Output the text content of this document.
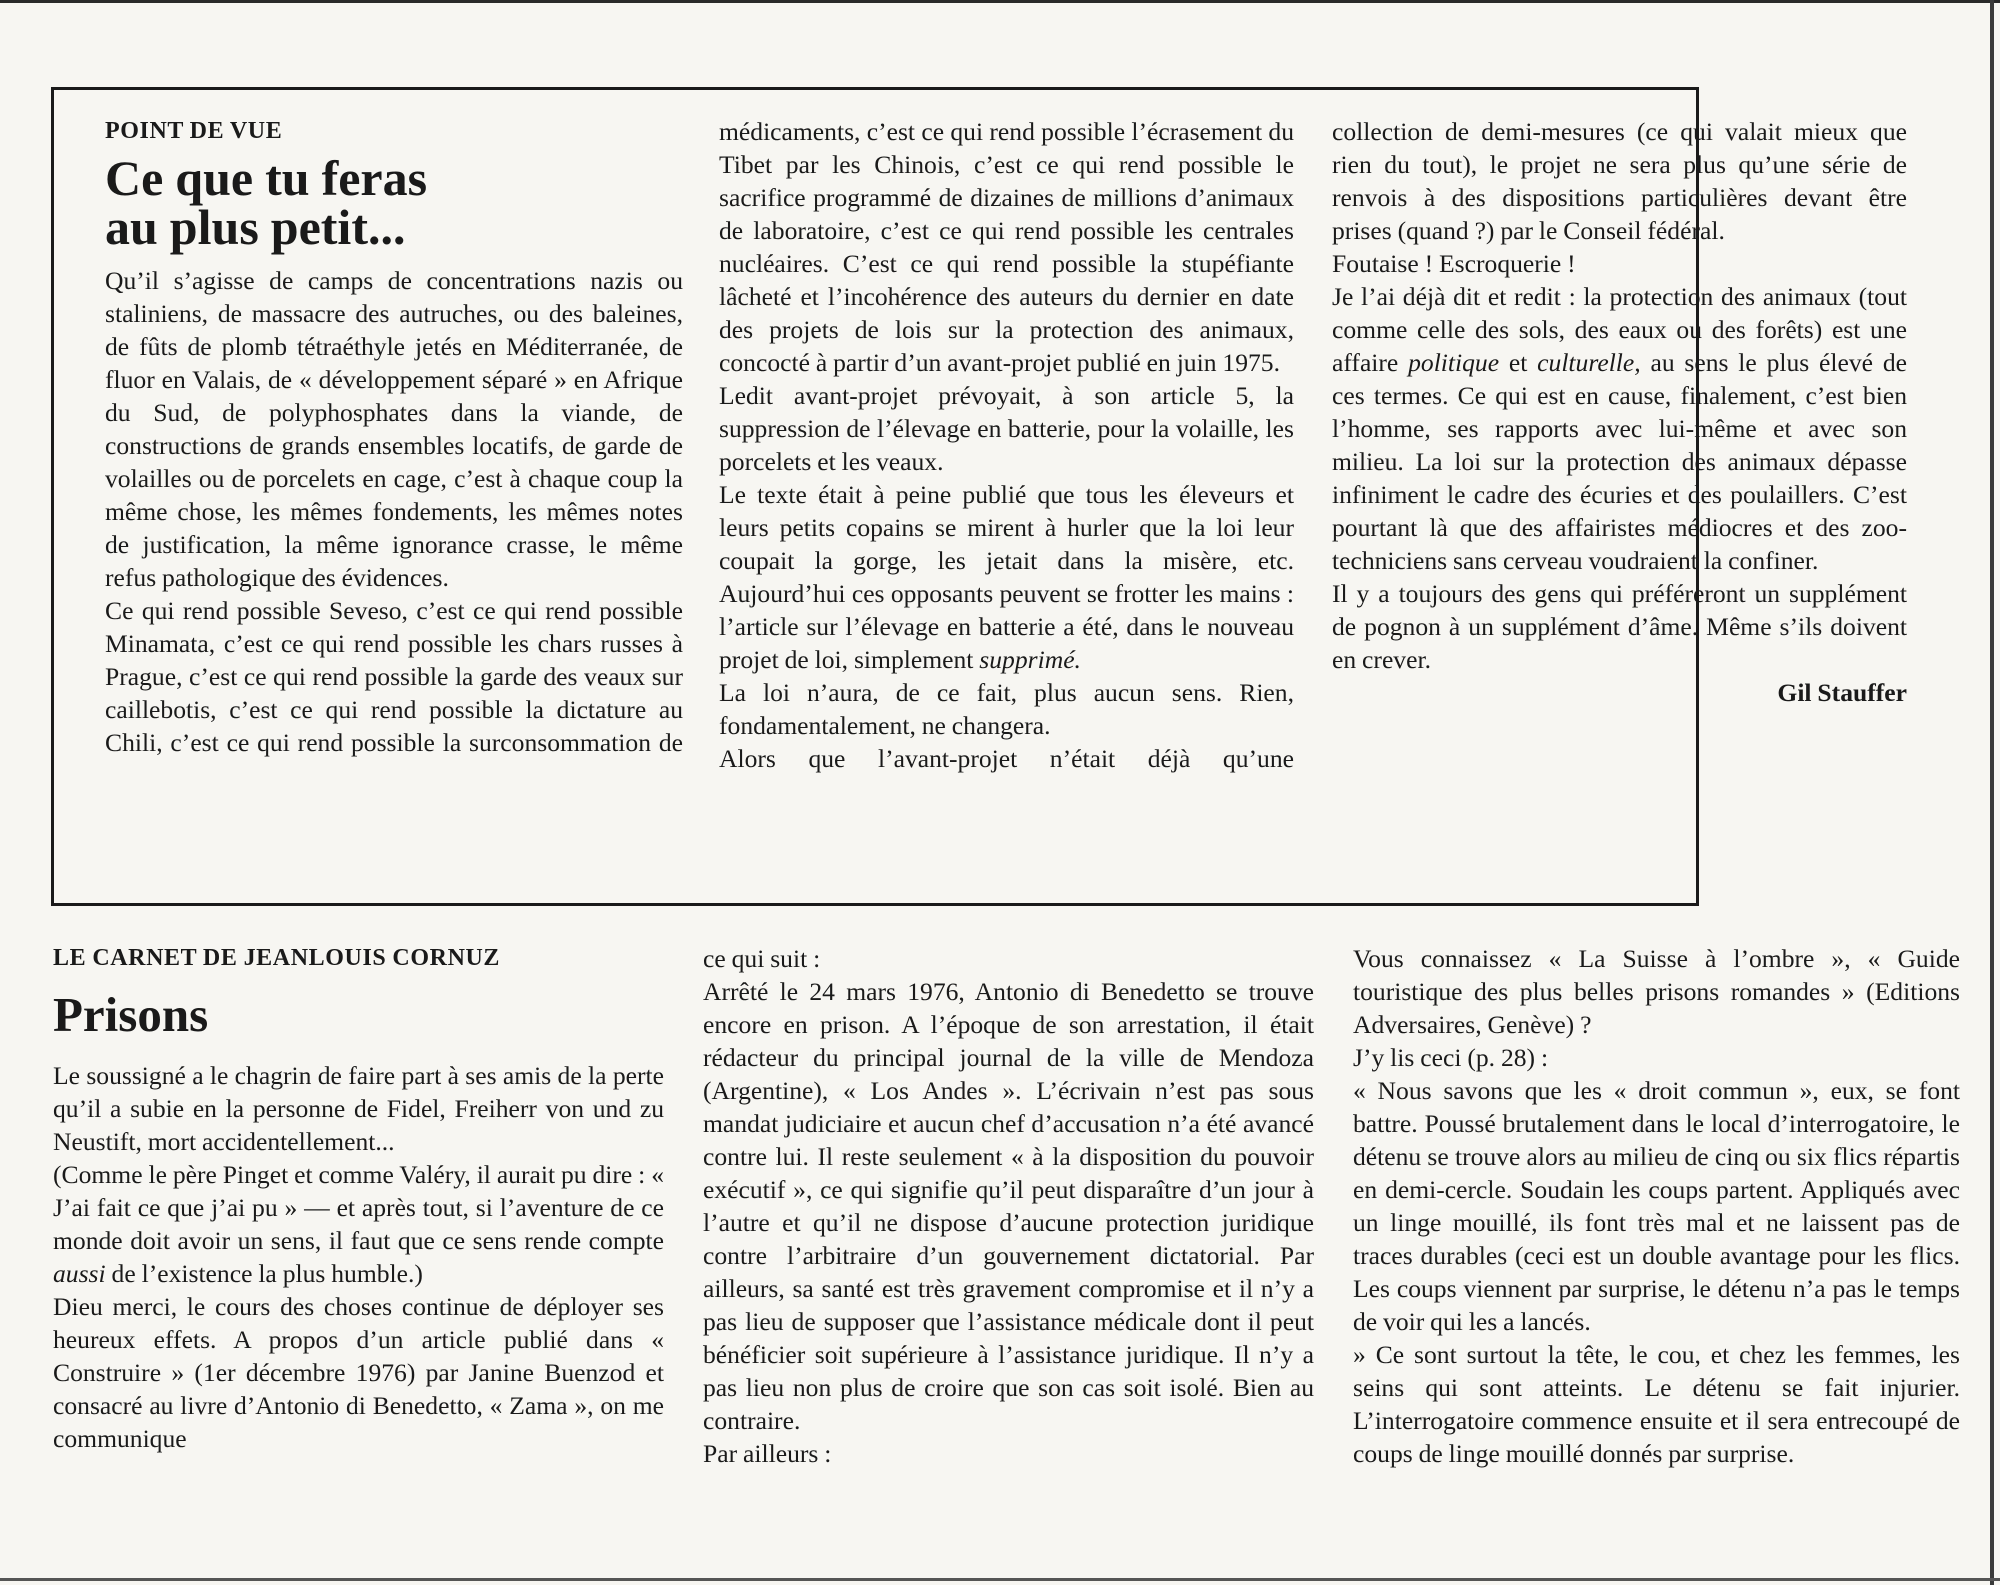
POINT DE VUE

Ce que tu feras
au plus petit...

Qu’il s’agisse de camps de concentrations nazis ou staliniens, de massacre des autruches, ou des baleines, de fûts de plomb tétraéthyle jetés en Méditerranée, de fluor en Valais, de « développement séparé » en Afrique du Sud, de polyphosphates dans la viande, de constructions de grands ensembles locatifs, de garde de volailles ou de porcelets en cage, c’est à chaque coup la même chose, les mêmes fondements, les mêmes notes de justification, la même ignorance crasse, le même refus pathologique des évidences.

Ce qui rend possible Seveso, c’est ce qui rend possible Minamata, c’est ce qui rend possible les chars russes à Prague, c’est ce qui rend possible la garde des veaux sur caillebotis, c’est ce qui rend possible la dictature au Chili, c’est ce qui rend possible la surconsommation de

médicaments, c’est ce qui rend possible l’écrasement du Tibet par les Chinois, c’est ce qui rend possible le sacrifice programmé de dizaines de millions d’animaux de laboratoire, c’est ce qui rend possible les centrales nucléaires. C’est ce qui rend possible la stupéfiante lâcheté et l’incohérence des auteurs du dernier en date des projets de lois sur la protection des animaux, concocté à partir d’un avant-projet publié en juin 1975.

Ledit avant-projet prévoyait, à son article 5, la suppression de l’élevage en batterie, pour la volaille, les porcelets et les veaux.

Le texte était à peine publié que tous les éleveurs et leurs petits copains se mirent à hurler que la loi leur coupait la gorge, les jetait dans la misère, etc. Aujourd’hui ces opposants peuvent se frotter les mains : l’article sur l’élevage en batterie a été, dans le nouveau projet de loi, simplement supprimé.

La loi n’aura, de ce fait, plus aucun sens. Rien, fondamentalement, ne changera.

Alors que l’avant-projet n’était déjà qu’une

collection de demi-mesures (ce qui valait mieux que rien du tout), le projet ne sera plus qu’une série de renvois à des dispositions particulières devant être prises (quand ?) par le Conseil fédéral.

Foutaise ! Escroquerie !

Je l’ai déjà dit et redit : la protection des animaux (tout comme celle des sols, des eaux ou des forêts) est une affaire politique et culturelle, au sens le plus élevé de ces termes. Ce qui est en cause, finalement, c’est bien l’homme, ses rapports avec lui-même et avec son milieu. La loi sur la protection des animaux dépasse infiniment le cadre des écuries et des poulaillers. C’est pourtant là que des affairistes médiocres et des zoo-techniciens sans cerveau voudraient la confiner.

Il y a toujours des gens qui préféreront un supplément de pognon à un supplément d’âme. Même s’ils doivent en crever.

Gil Stauffer

LE CARNET DE JEANLOUIS CORNUZ

Prisons

Le soussigné a le chagrin de faire part à ses amis de la perte qu’il a subie en la personne de Fidel, Freiherr von und zu Neustift, mort accidentellement...

(Comme le père Pinget et comme Valéry, il aurait pu dire : « J’ai fait ce que j’ai pu » — et après tout, si l’aventure de ce monde doit avoir un sens, il faut que ce sens rende compte aussi de l’existence la plus humble.)

Dieu merci, le cours des choses continue de déployer ses heureux effets. A propos d’un article publié dans « Construire » (1er décembre 1976) par Janine Buenzod et consacré au livre d’Antonio di Benedetto, « Zama », on me communique

ce qui suit :

Arrêté le 24 mars 1976, Antonio di Benedetto se trouve encore en prison. A l’époque de son arrestation, il était rédacteur du principal journal de la ville de Mendoza (Argentine), « Los Andes ». L’écrivain n’est pas sous mandat judiciaire et aucun chef d’accusation n’a été avancé contre lui. Il reste seulement « à la disposition du pouvoir exécutif », ce qui signifie qu’il peut disparaître d’un jour à l’autre et qu’il ne dispose d’aucune protection juridique contre l’arbitraire d’un gouvernement dictatorial. Par ailleurs, sa santé est très gravement compromise et il n’y a pas lieu de supposer que l’assistance médicale dont il peut bénéficier soit supérieure à l’assistance juridique. Il n’y a pas lieu non plus de croire que son cas soit isolé. Bien au contraire.

Par ailleurs :

Vous connaissez « La Suisse à l’ombre », « Guide touristique des plus belles prisons romandes » (Editions Adversaires, Genève) ?

J’y lis ceci (p. 28) :

« Nous savons que les « droit commun », eux, se font battre. Poussé brutalement dans le local d’interrogatoire, le détenu se trouve alors au milieu de cinq ou six flics répartis en demi-cercle. Soudain les coups partent. Appliqués avec un linge mouillé, ils font très mal et ne laissent pas de traces durables (ceci est un double avantage pour les flics. Les coups viennent par surprise, le détenu n’a pas le temps de voir qui les a lancés.

» Ce sont surtout la tête, le cou, et chez les femmes, les seins qui sont atteints. Le détenu se fait injurier. L’interrogatoire commence ensuite et il sera entrecoupé de coups de linge mouillé donnés par surprise.
